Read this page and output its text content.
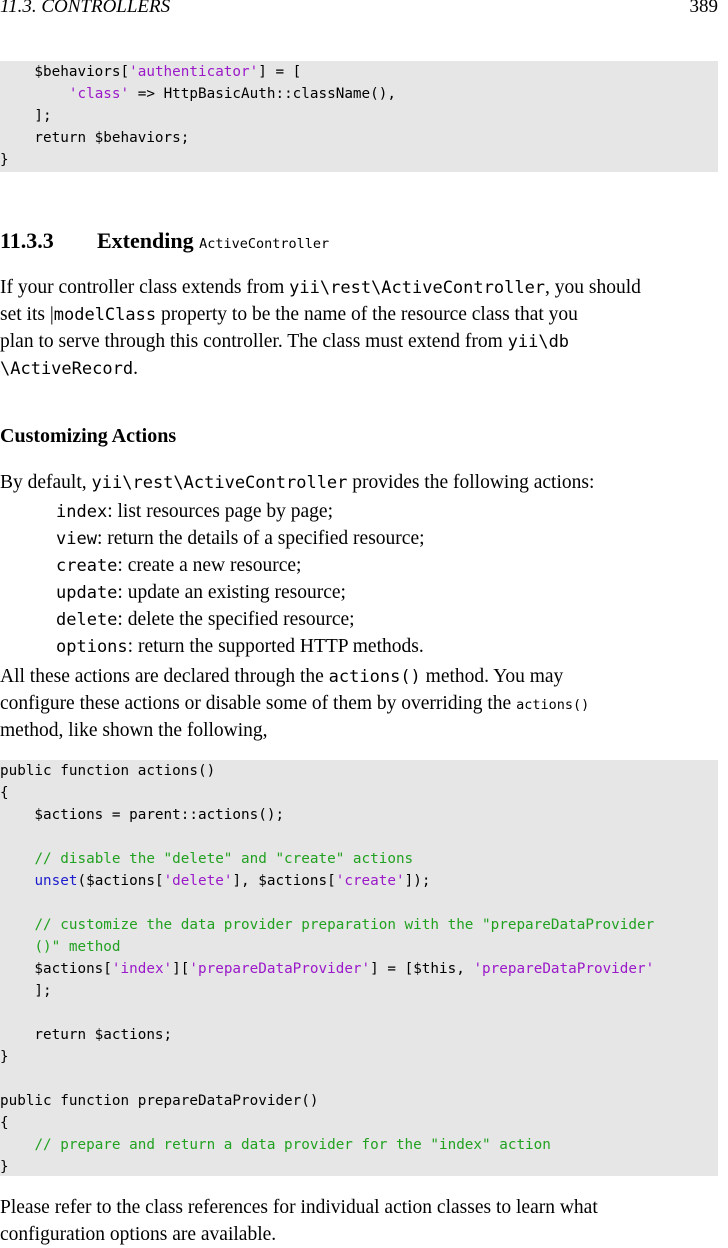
11.3. CONTROLLERS	389
$behaviors['authenticator'] = [
'class' => HttpBasicAuth::className(),
];
return $behaviors;
}
11.3.3 Extending ActiveController
If your controller class extends from yii\rest\ActiveController, you should
set its |modelClass property to be the name of the resource class that you
plan to serve through this controller. The class must extend from yii\db
\ActiveRecord.
Customizing Actions
By default, yii\rest\ActiveController provides the following actions:
index: list resources page by page;
view: return the details of a specified resource;
create: create a new resource;
update: update an existing resource;
delete: delete the specified resource;
options: return the supported HTTP methods.
All these actions are declared through the actions() method. You may
configure these actions or disable some of them by overriding the actions()
method, like shown the following,
public function actions()
{
$actions = parent::actions();
// disable the "delete" and "create" actions
unset($actions['delete'], $actions['create']);
// customize the data provider preparation with the "prepareDataProvider
()" method
$actions['index']['prepareDataProvider'] = [$this, 'prepareDataProvider'
];
return $actions;
}
public function prepareDataProvider()
{
// prepare and return a data provider for the "index" action
}
Please refer to the class references for individual action classes to learn what
configuration options are available.
